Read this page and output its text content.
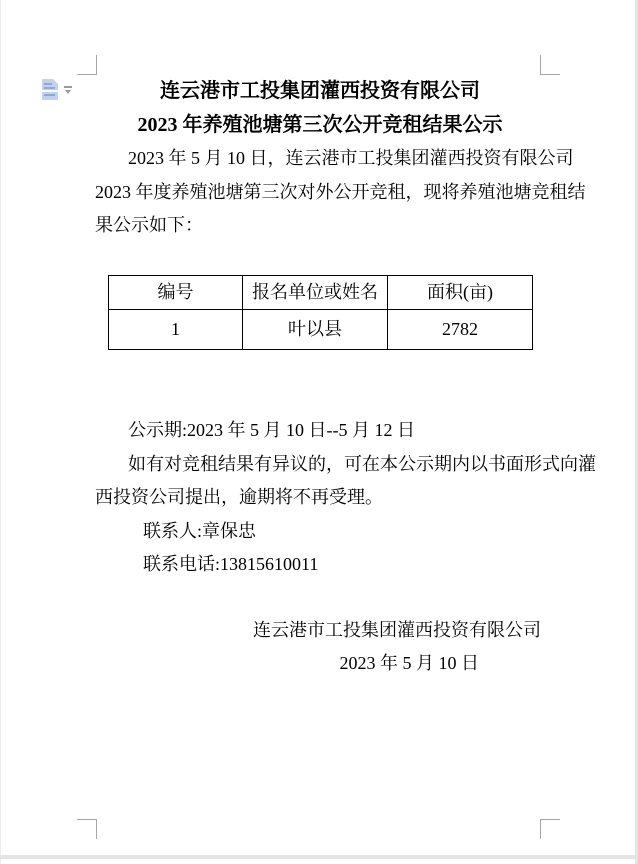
连云港市工投集团灌西投资有限公司
2023 年养殖池塘第三次公开竞租结果公示
2023 年 5 月 10 日，连云港市工投集团灌西投资有限公司
2023 年度养殖池塘第三次对外公开竞租，现将养殖池塘竞租结
果公示如下：
编号	报名单位或姓名	面积(亩)
1	叶以县	2782
公示期:2023 年 5 月 10 日--5 月 12 日
如有对竞租结果有异议的，可在本公示期内以书面形式向灌
西投资公司提出，逾期将不再受理。
联系人:章保忠
联系电话:13815610011
连云港市工投集团灌西投资有限公司
2023 年 5 月 10 日
